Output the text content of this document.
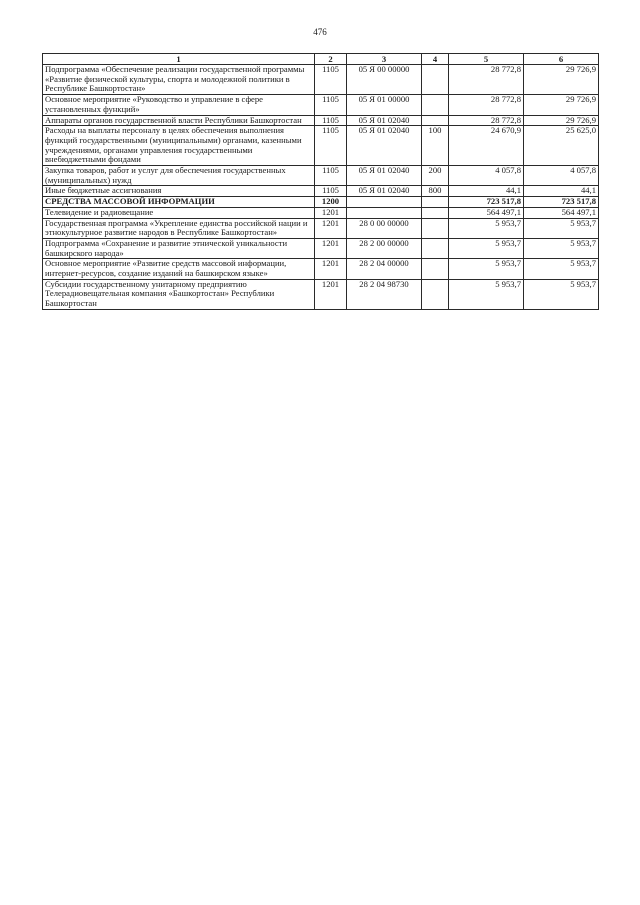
476
1	2	3	4	5	6
Подпрограмма «Обеспечение реализации государственной программы «Развитие физической культуры, спорта и молодежной политики в Республике Башкортостан»	1105	05 Я 00 00000		28 772,8	29 726,9
Основное мероприятие «Руководство и управление в сфере установленных функций»	1105	05 Я 01 00000		28 772,8	29 726,9
Аппараты органов государственной власти Республики Башкортостан	1105	05 Я 01 02040		28 772,8	29 726,9
Расходы на выплаты персоналу в целях обеспечения выполнения функций государственными (муниципальными) органами, казенными учреждениями, органами управления государственными внебюджетными фондами	1105	05 Я 01 02040	100	24 670,9	25 625,0
Закупка товаров, работ и услуг для обеспечения государственных (муниципальных) нужд	1105	05 Я 01 02040	200	4 057,8	4 057,8
Иные бюджетные ассигнования	1105	05 Я 01 02040	800	44,1	44,1
СРЕДСТВА МАССОВОЙ ИНФОРМАЦИИ	1200			723 517,8	723 517,8
Телевидение и радиовещание	1201			564 497,1	564 497,1
Государственная программа «Укрепление единства российской нации и этнокультурное развитие народов в Республике Башкортостан»	1201	28 0 00 00000		5 953,7	5 953,7
Подпрограмма «Сохранение и развитие этнической уникальности башкирского народа»	1201	28 2 00 00000		5 953,7	5 953,7
Основное мероприятие «Развитие средств массовой информации, интернет-ресурсов, создание изданий на башкирском языке»	1201	28 2 04 00000		5 953,7	5 953,7
Субсидии государственному унитарному предприятию Телерадиовещательная компания «Башкортостан» Республики Башкортостан	1201	28 2 04 98730		5 953,7	5 953,7
